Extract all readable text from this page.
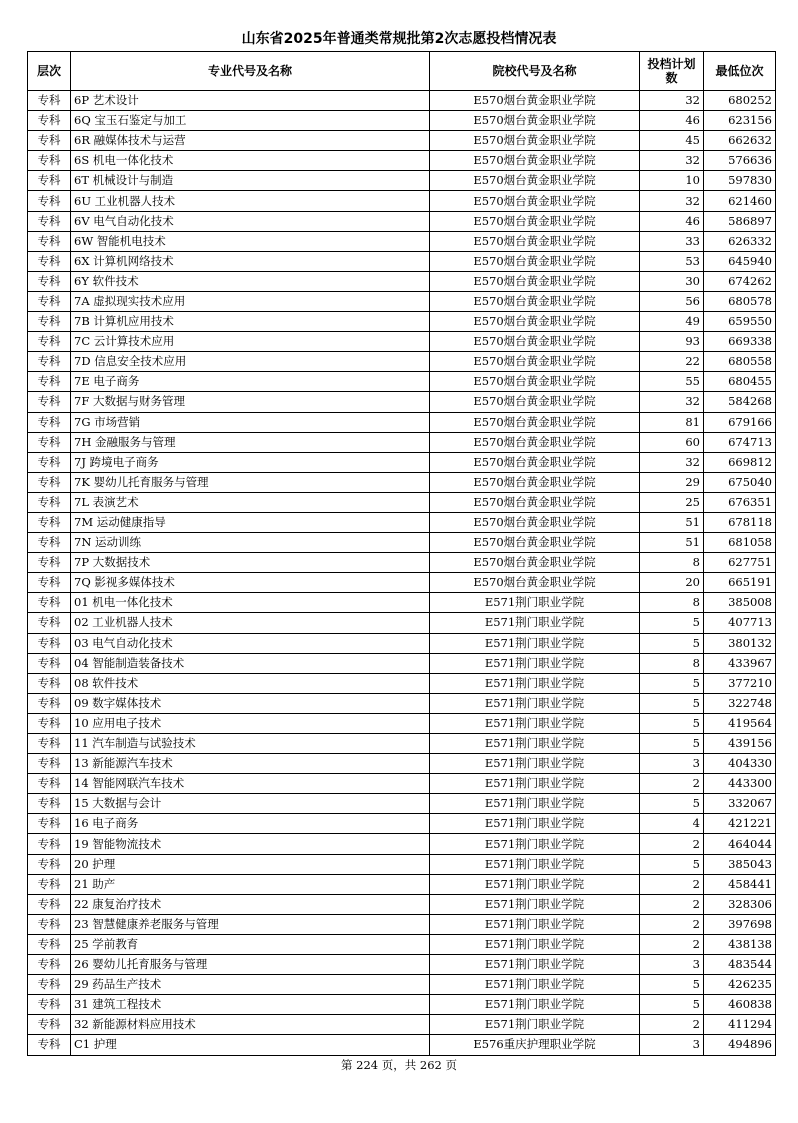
山东省2025年普通类常规批第2次志愿投档情况表
层次	专业代号及名称	院校代号及名称	投档计划数	最低位次
专科	6P 艺术设计	E570烟台黄金职业学院	32	680252
专科	6Q 宝玉石鉴定与加工	E570烟台黄金职业学院	46	623156
专科	6R 融媒体技术与运营	E570烟台黄金职业学院	45	662632
专科	6S 机电一体化技术	E570烟台黄金职业学院	32	576636
专科	6T 机械设计与制造	E570烟台黄金职业学院	10	597830
专科	6U 工业机器人技术	E570烟台黄金职业学院	32	621460
专科	6V 电气自动化技术	E570烟台黄金职业学院	46	586897
专科	6W 智能机电技术	E570烟台黄金职业学院	33	626332
专科	6X 计算机网络技术	E570烟台黄金职业学院	53	645940
专科	6Y 软件技术	E570烟台黄金职业学院	30	674262
专科	7A 虚拟现实技术应用	E570烟台黄金职业学院	56	680578
专科	7B 计算机应用技术	E570烟台黄金职业学院	49	659550
专科	7C 云计算技术应用	E570烟台黄金职业学院	93	669338
专科	7D 信息安全技术应用	E570烟台黄金职业学院	22	680558
专科	7E 电子商务	E570烟台黄金职业学院	55	680455
专科	7F 大数据与财务管理	E570烟台黄金职业学院	32	584268
专科	7G 市场营销	E570烟台黄金职业学院	81	679166
专科	7H 金融服务与管理	E570烟台黄金职业学院	60	674713
专科	7J 跨境电子商务	E570烟台黄金职业学院	32	669812
专科	7K 婴幼儿托育服务与管理	E570烟台黄金职业学院	29	675040
专科	7L 表演艺术	E570烟台黄金职业学院	25	676351
专科	7M 运动健康指导	E570烟台黄金职业学院	51	678118
专科	7N 运动训练	E570烟台黄金职业学院	51	681058
专科	7P 大数据技术	E570烟台黄金职业学院	8	627751
专科	7Q 影视多媒体技术	E570烟台黄金职业学院	20	665191
专科	01 机电一体化技术	E571荆门职业学院	8	385008
专科	02 工业机器人技术	E571荆门职业学院	5	407713
专科	03 电气自动化技术	E571荆门职业学院	5	380132
专科	04 智能制造装备技术	E571荆门职业学院	8	433967
专科	08 软件技术	E571荆门职业学院	5	377210
专科	09 数字媒体技术	E571荆门职业学院	5	322748
专科	10 应用电子技术	E571荆门职业学院	5	419564
专科	11 汽车制造与试验技术	E571荆门职业学院	5	439156
专科	13 新能源汽车技术	E571荆门职业学院	3	404330
专科	14 智能网联汽车技术	E571荆门职业学院	2	443300
专科	15 大数据与会计	E571荆门职业学院	5	332067
专科	16 电子商务	E571荆门职业学院	4	421221
专科	19 智能物流技术	E571荆门职业学院	2	464044
专科	20 护理	E571荆门职业学院	5	385043
专科	21 助产	E571荆门职业学院	2	458441
专科	22 康复治疗技术	E571荆门职业学院	2	328306
专科	23 智慧健康养老服务与管理	E571荆门职业学院	2	397698
专科	25 学前教育	E571荆门职业学院	2	438138
专科	26 婴幼儿托育服务与管理	E571荆门职业学院	3	483544
专科	29 药品生产技术	E571荆门职业学院	5	426235
专科	31 建筑工程技术	E571荆门职业学院	5	460838
专科	32 新能源材料应用技术	E571荆门职业学院	2	411294
专科	C1 护理	E576重庆护理职业学院	3	494896
第 224 页，共 262 页
